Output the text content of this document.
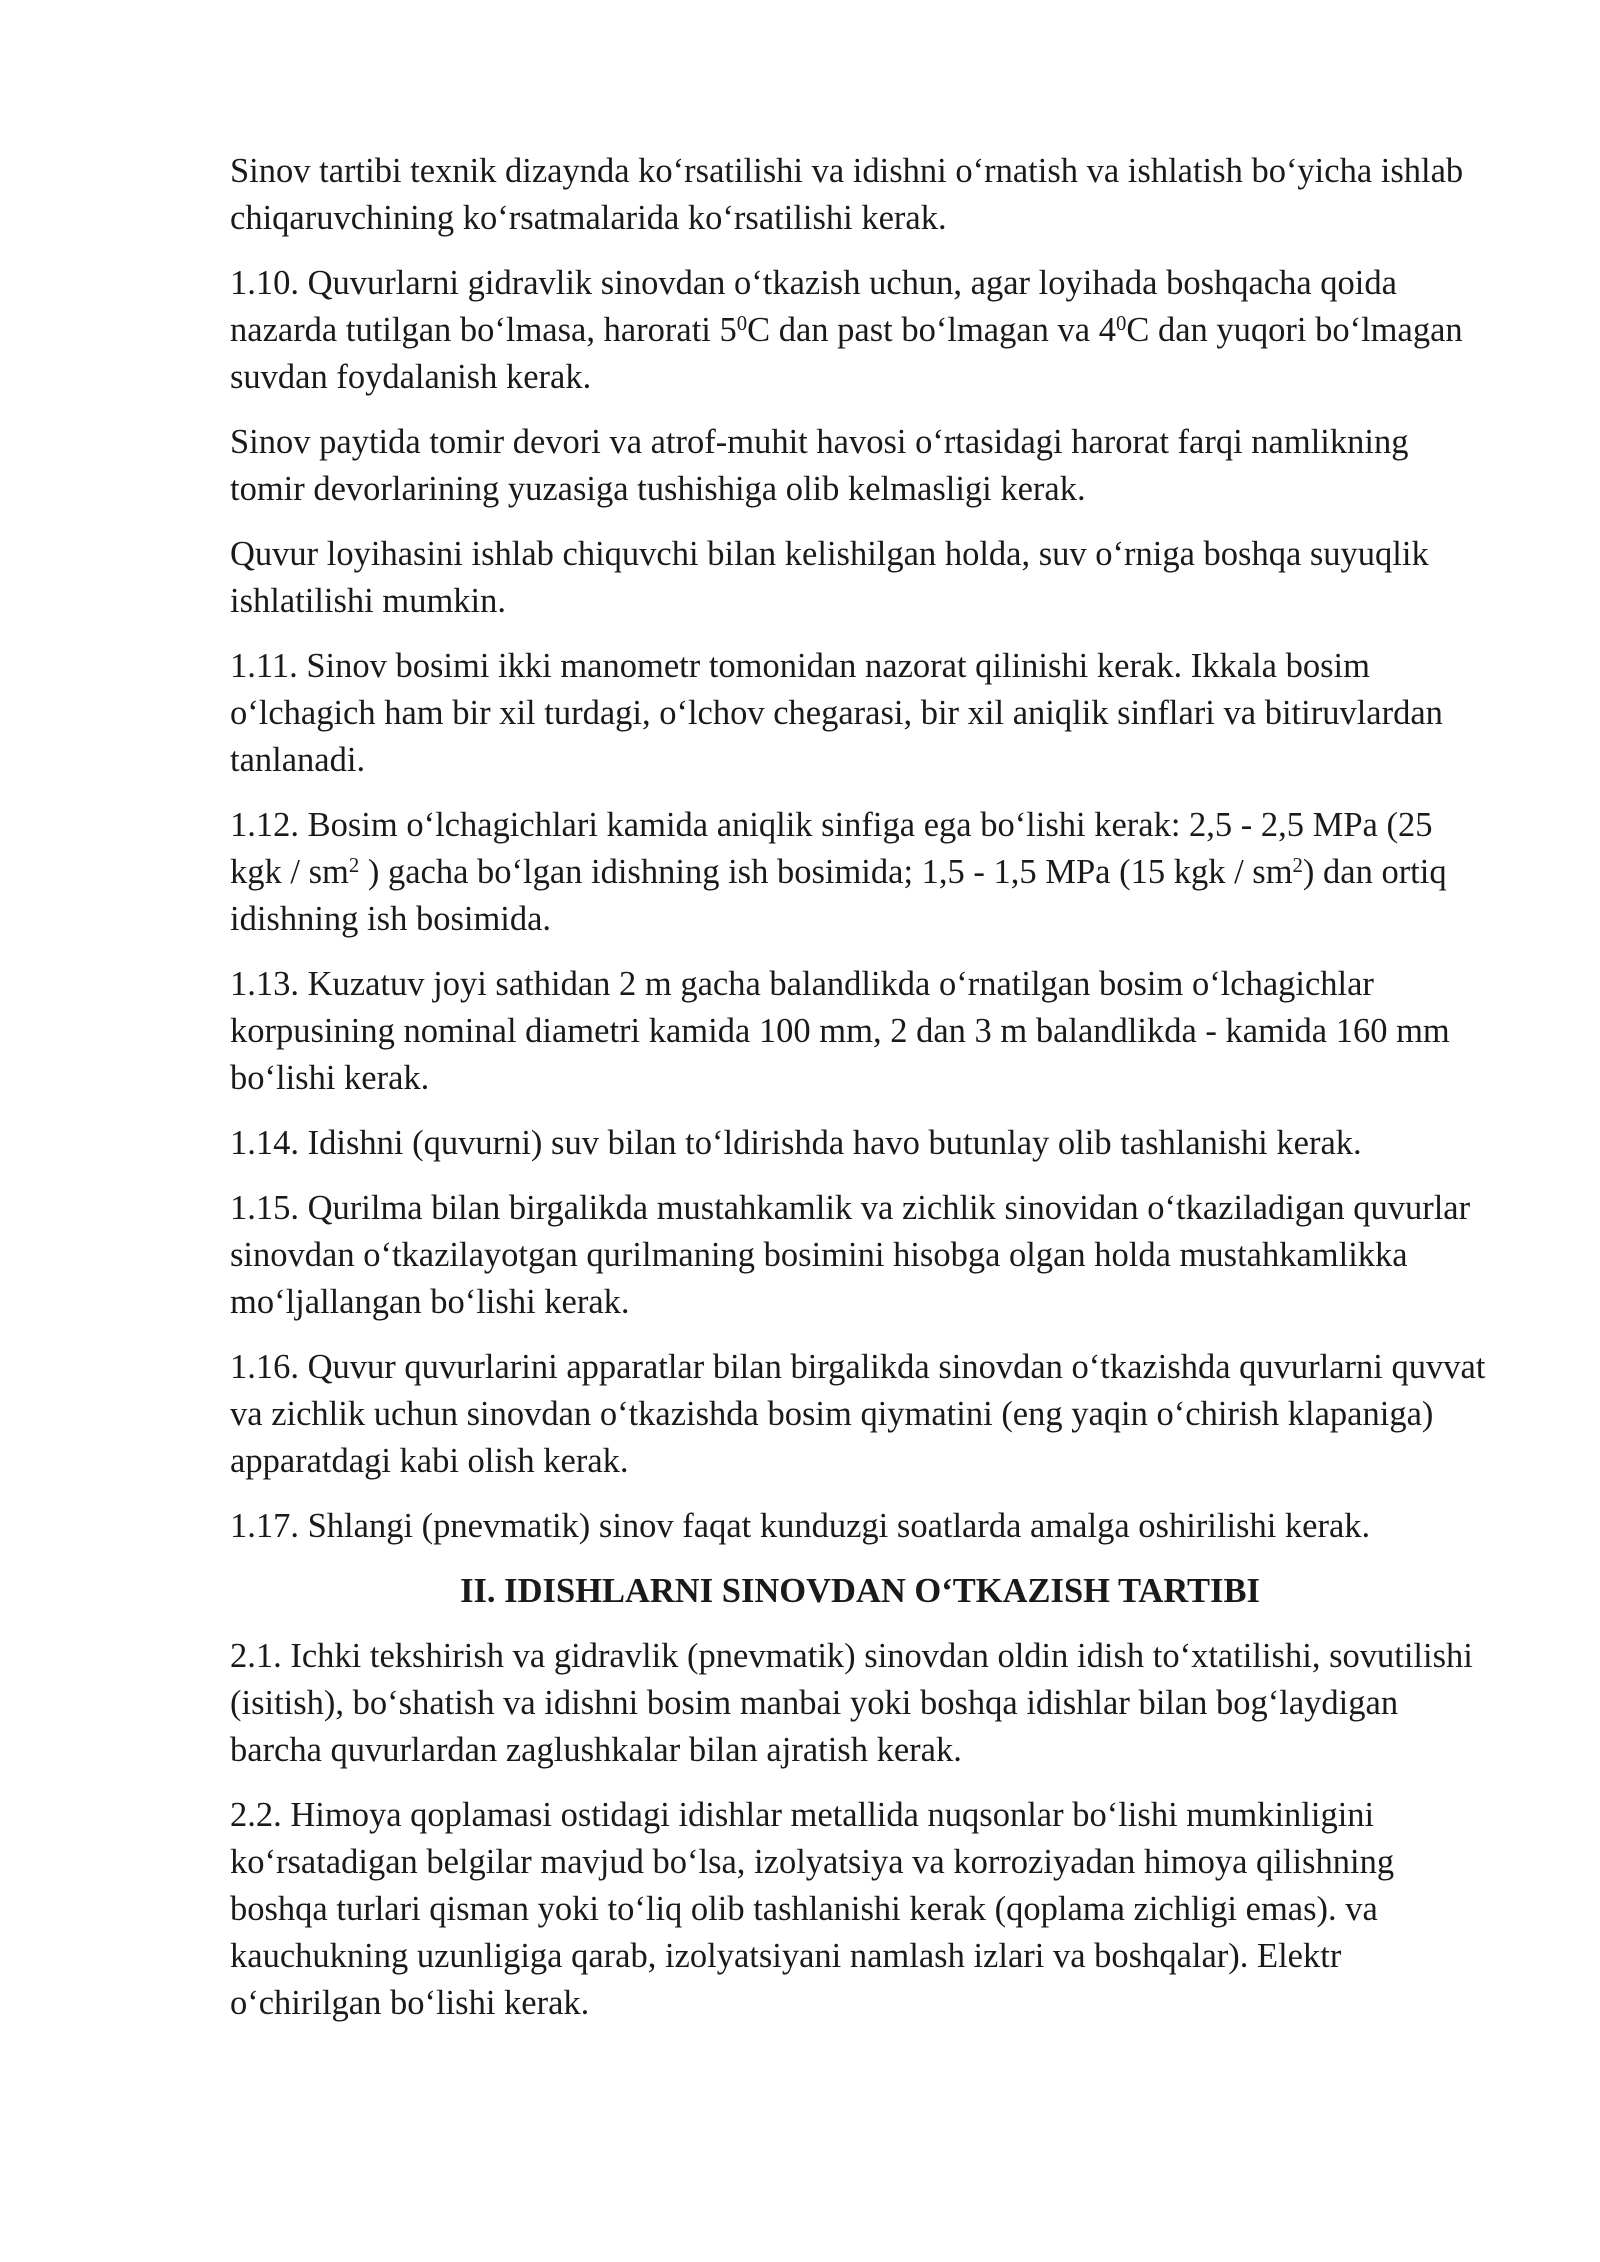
Sinov tartibi texnik dizaynda ko‘rsatilishi va idishni o‘rnatish va ishlatish bo‘yicha ishlab chiqaruvchining ko‘rsatmalarida ko‘rsatilishi kerak.

1.10. Quvurlarni gidravlik sinovdan o‘tkazish uchun, agar loyihada boshqacha qoida nazarda tutilgan bo‘lmasa, harorati $5^0C$ dan past bo‘lmagan va $4^0C$ dan yuqori bo‘lmagan suvdan foydalanish kerak.

Sinov paytida tomir devori va atrof-muhit havosi o‘rtasidagi harorat farqi namlikning tomir devorlarining yuzasiga tushishiga olib kelmasligi kerak.

Quvur loyihasini ishlab chiquvchi bilan kelishilgan holda, suv o‘rniga boshqa suyuqlik ishlatilishi mumkin.

1.11. Sinov bosimi ikki manometr tomonidan nazorat qilinishi kerak. Ikkala bosim o‘lchagich ham bir xil turdagi, o‘lchov chegarasi, bir xil aniqlik sinflari va bitiruvlardan tanlanadi.

1.12. Bosim o‘lchagichlari kamida aniqlik sinfiga ega bo‘lishi kerak: 2,5 - 2,5 MPa (25 kgk / $sm^2$ ) gacha bo‘lgan idishning ish bosimida; 1,5 - 1,5 MPa (15 kgk / $sm^2$) dan ortiq idishning ish bosimida.

1.13. Kuzatuv joyi sathidan 2 m gacha balandlikda o‘rnatilgan bosim o‘lchagichlar korpusining nominal diametri kamida 100 mm, 2 dan 3 m balandlikda - kamida 160 mm bo‘lishi kerak.

1.14. Idishni (quvurni) suv bilan to‘ldirishda havo butunlay olib tashlanishi kerak.

1.15. Qurilma bilan birgalikda mustahkamlik va zichlik sinovidan o‘tkaziladigan quvurlar sinovdan o‘tkazilayotgan qurilmaning bosimini hisobga olgan holda mustahkamlikka mo‘ljallangan bo‘lishi kerak.

1.16. Quvur quvurlarini apparatlar bilan birgalikda sinovdan o‘tkazishda quvurlarni quvvat va zichlik uchun sinovdan o‘tkazishda bosim qiymatini (eng yaqin o‘chirish klapaniga) apparatdagi kabi olish kerak.

1.17. Shlangi (pnevmatik) sinov faqat kunduzgi soatlarda amalga oshirilishi kerak.

II. IDISHLARNI SINOVDAN O‘TKAZISH TARTIBI

2.1. Ichki tekshirish va gidravlik (pnevmatik) sinovdan oldin idish to‘xtatilishi, sovutilishi (isitish), bo‘shatish va idishni bosim manbai yoki boshqa idishlar bilan bog‘laydigan barcha quvurlardan zaglushkalar bilan ajratish kerak.

2.2. Himoya qoplamasi ostidagi idishlar metallida nuqsonlar bo‘lishi mumkinligini ko‘rsatadigan belgilar mavjud bo‘lsa, izolyatsiya va korroziyadan himoya qilishning boshqa turlari qisman yoki to‘liq olib tashlanishi kerak (qoplama zichligi emas). va kauchukning uzunligiga qarab, izolyatsiyani namlash izlari va boshqalar). Elektr o‘chirilgan bo‘lishi kerak.
